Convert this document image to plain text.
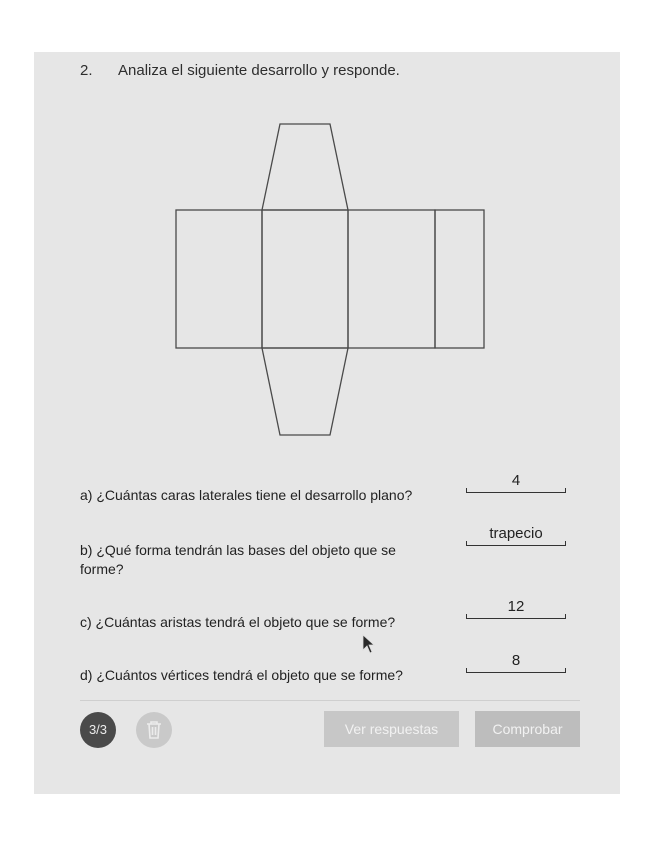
2. Analiza el siguiente desarrollo y responde.
a) ¿Cuántas caras laterales tiene el desarrollo plano?
4
b) ¿Qué forma tendrán las bases del objeto que se
forme?
trapecio
c) ¿Cuántas aristas tendrá el objeto que se forme?
12
d) ¿Cuántos vértices tendrá el objeto que se forme?
8
3/3	Ver respuestas	Comprobar
